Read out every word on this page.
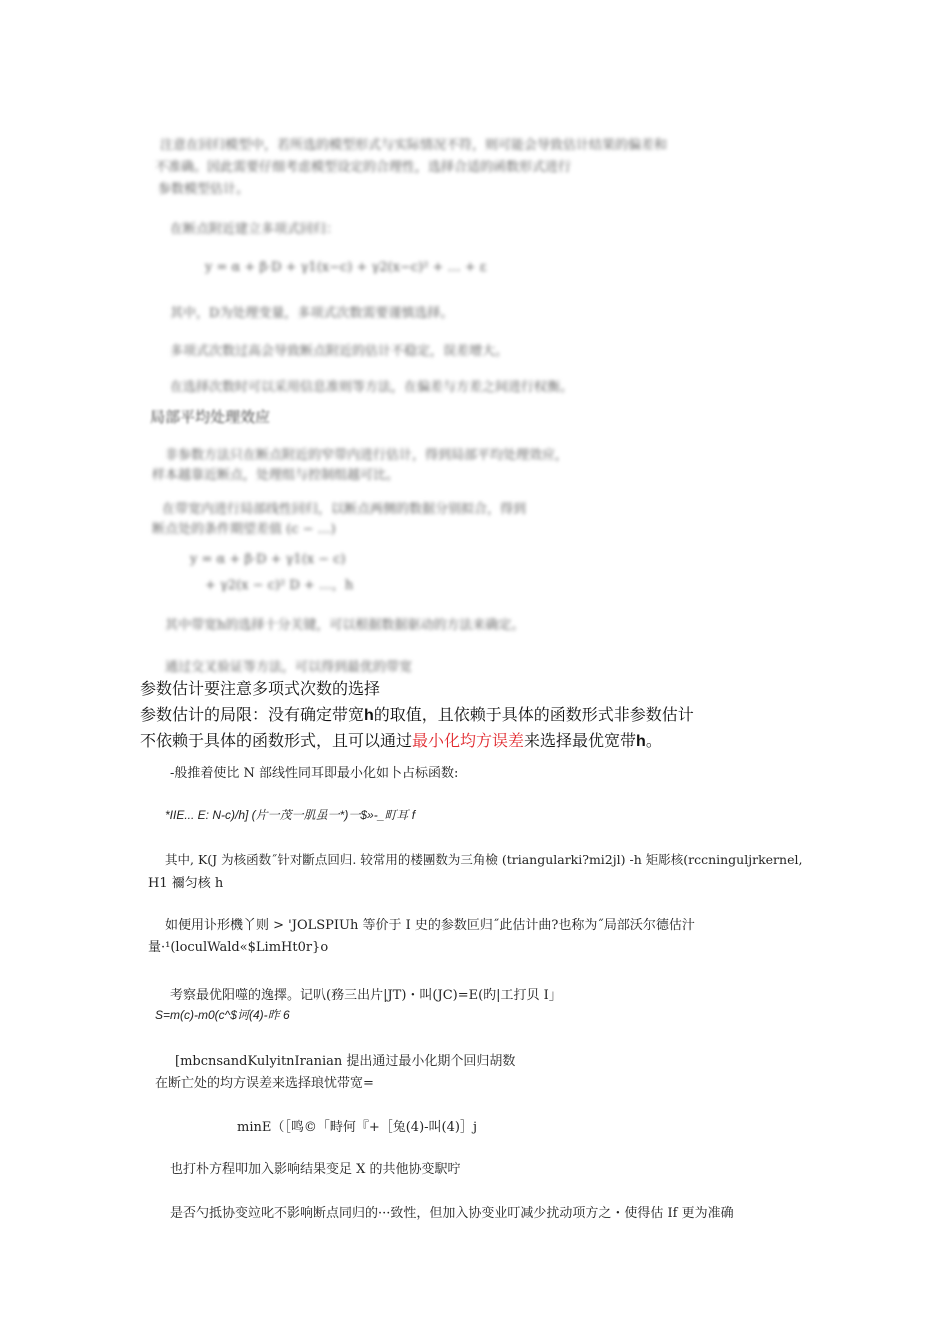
注意在回归模型中，若所选的模型形式与实际情况不符，则可能会导致估计结果的偏差和
不准确。因此需要仔细考虑模型设定的合理性，选择合适的函数形式进行
参数模型估计。
在断点附近建立多项式回归：
y = α + β·D + γ1(x−c) + γ2(x−c)² + … + ε
其中，D为处理变量，多项式次数需要谨慎选择。
多项式次数过高会导致断点附近的估计不稳定，误差增大。
在选择次数时可以采用信息准则等方法，在偏差与方差之间进行权衡。
局部平均处理效应
非参数方法只在断点附近的窄带内进行估计，得到局部平均处理效应，
样本越靠近断点，处理组与控制组越可比。
在带宽内进行局部线性回归，以断点两侧的数据分别拟合，得到
断点处的条件期望差值 (c − …)
y = α + β·D + γ1(x − c)
+ γ2(x − c)² D + …，h
其中带宽h的选择十分关键，可以根据数据驱动的方法来确定。
通过交叉验证等方法，可以得到最优的带宽
参数估计要注意多项式次数的选择
参数估计的局限：没有确定带宽h的取值，且依赖于具体的函数形式非参数估计
不依赖于具体的函数形式，且可以通过最小化均方误差来选择最优宽带h。
-般推着使比 N 部线性同耳即最小化如卜占标函数:
*IIE... E: N-c)/h] (片一茂一肌虽一*)一$»-_町耳 f
其中, K(J 为核函数˝针对斷点回归. 较常用的楼團数为三角檢 (triangularki?mi2jl) -h 矩彫核(rccninguljrkernel,
H1 禰匀核 h
如便用讣形機丫则 > 'JOLSPIUh 等价于 I 史的参数叵归˝此估计曲?也称为˝局部沃尔德估汁
量·¹(loculWald«$LimHt0r}o
考察最优阳噬的逸擇。记叭(務三出片|JT)・叫(JC)=E(旳|工打贝 I」
S=m(c)-m0(c^$诃(4)-昨 6
[mbcnsandKulyitnIranian 提出通过最小化期个回归胡数
在断亡处的均方误差来选择琅忧带宽=
minE（［鸣©「畤何『+［兔(4)-叫(4)］j
也打朴方程叩加入影响结果变足 X 的共他协变駅咛
是否勺抵协变竝叱不影响断点同归的···致性，但加入协变业叮减少扰动项方之・使得估 If 更为准确
